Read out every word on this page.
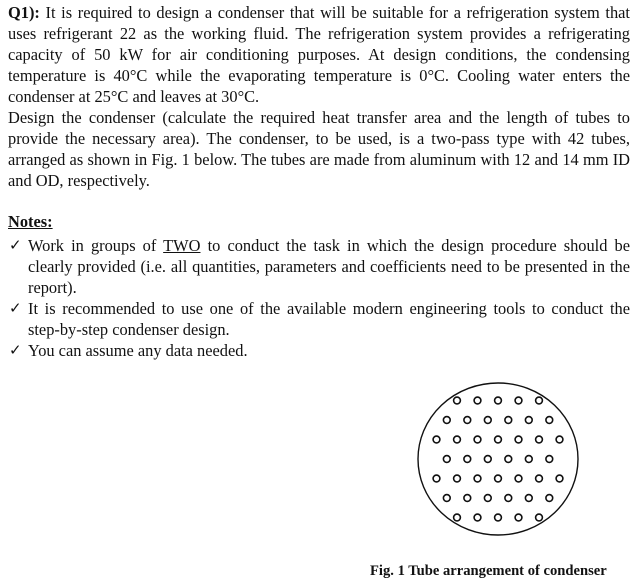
Q1): It is required to design a condenser that will be suitable for a refrigeration system that uses refrigerant 22 as the working fluid. The refrigeration system provides a refrigerating capacity of 50 kW for air conditioning purposes. At design conditions, the condensing temperature is 40°C while the evaporating temperature is 0°C. Cooling water enters the condenser at 25°C and leaves at 30°C.

Design the condenser (calculate the required heat transfer area and the length of tubes to provide the necessary area). The condenser, to be used, is a two-pass type with 42 tubes, arranged as shown in Fig. 1 below. The tubes are made from aluminum with 12 and 14 mm ID and OD, respectively.

Notes:
✓ Work in groups of TWO to conduct the task in which the design procedure should be clearly provided (i.e. all quantities, parameters and coefficients need to be presented in the report).
✓ It is recommended to use one of the available modern engineering tools to conduct the step-by-step condenser design.
✓ You can assume any data needed.
Fig. 1 Tube arrangement of condenser
